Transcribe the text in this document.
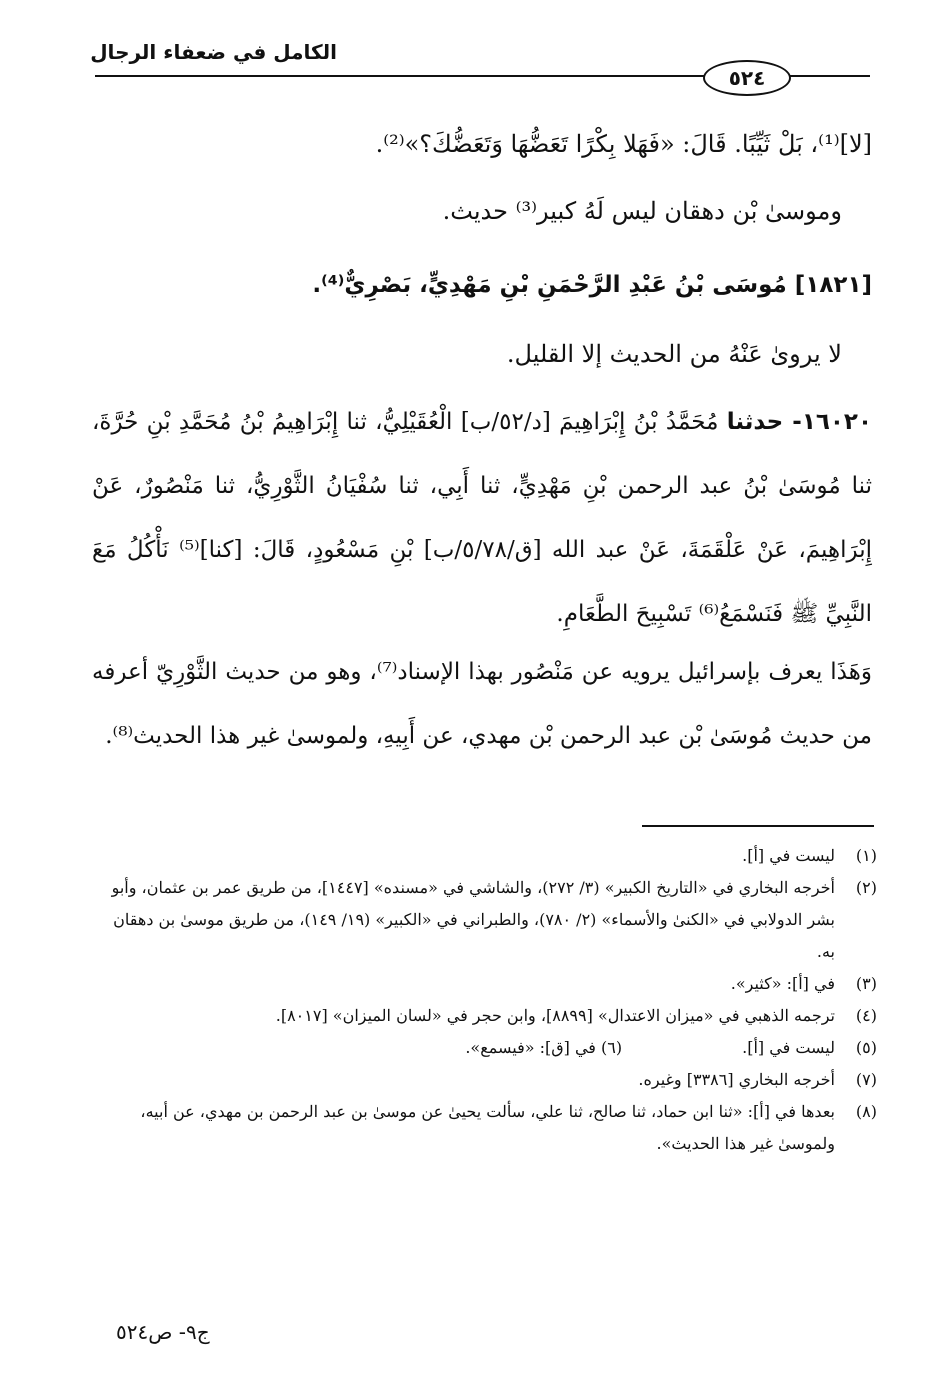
الكامل في ضعفاء الرجال
٥٢٤
[لا]⁽¹⁾، بَلْ ثَيِّبًا. قَالَ: «فَهَلا بِكْرًا تَعَضُّهَا وَتَعَضُّكَ؟»⁽²⁾.
وموسىٰ بْن دهقان ليس لَهُ كبير⁽³⁾ حديث.
[١٨٢١] مُوسَى بْنُ عَبْدِ الرَّحْمَنِ بْنِ مَهْدِيٍّ، بَصْرِيٌّ⁽⁴⁾.
لا يروىٰ عَنْهُ من الحديث إلا القليل.
١٦٠٢٠- حدثنا مُحَمَّدُ بْنُ إِبْرَاهِيمَ [د/٥٢/ب] الْعُقَيْلِيُّ، ثنا إِبْرَاهِيمُ بْنُ مُحَمَّدِ بْنِ حُرَّةَ، ثنا مُوسَىٰ بْنُ عبد الرحمن بْنِ مَهْدِيٍّ، ثنا أَبِي، ثنا سُفْيَانُ الثَّوْرِيُّ، ثنا مَنْصُورٌ، عَنْ إِبْرَاهِيمَ، عَنْ عَلْقَمَةَ، عَنْ عبد الله [ق/٥/٧٨/ب] بْنِ مَسْعُودٍ، قَالَ: [كنا]⁽⁵⁾ نَأْكُلُ مَعَ النَّبِيِّ ﷺ فَنَسْمَعُ⁽⁶⁾ تَسْبِيحَ الطَّعَامِ.
وَهَذَا يعرف بإسرائيل يرويه عن مَنْصُور بهذا الإسناد⁽⁷⁾، وهو من حديث الثَّوْرِيّ أعرفه من حديث مُوسَىٰ بْن عبد الرحمن بْن مهدي، عن أَبِيهِ، ولموسىٰ غير هذا الحديث⁽⁸⁾.
(١)
ليست في [أ].
(٢)
أخرجه البخاري في «التاريخ الكبير» (٣/ ٢٧٢)، والشاشي في «مسنده» [١٤٤٧]، من طريق عمر بن عثمان، وأبو بشر الدولابي في «الكنىٰ والأسماء» (٢/ ٧٨٠)، والطبراني في «الكبير» (١٩/ ١٤٩)، من طريق موسىٰ بن دهقان به.
(٣)
في [أ]: «كثير».
(٤)
ترجمه الذهبي في «ميزان الاعتدال» [٨٨٩٩]، وابن حجر في «لسان الميزان» [٨٠١٧].
(٥)
ليست في [أ].
(٦) في [ق]: «فيسمع».
(٧)
أخرجه البخاري [٣٣٨٦] وغيره.
(٨)
بعدها في [أ]: «ثنا ابن حماد، ثنا صالح، ثنا علي، سألت يحيىٰ عن موسىٰ بن عبد الرحمن بن مهدي، عن أبيه، ولموسىٰ غير هذا الحديث».
ج٩- ص٥٢٤
